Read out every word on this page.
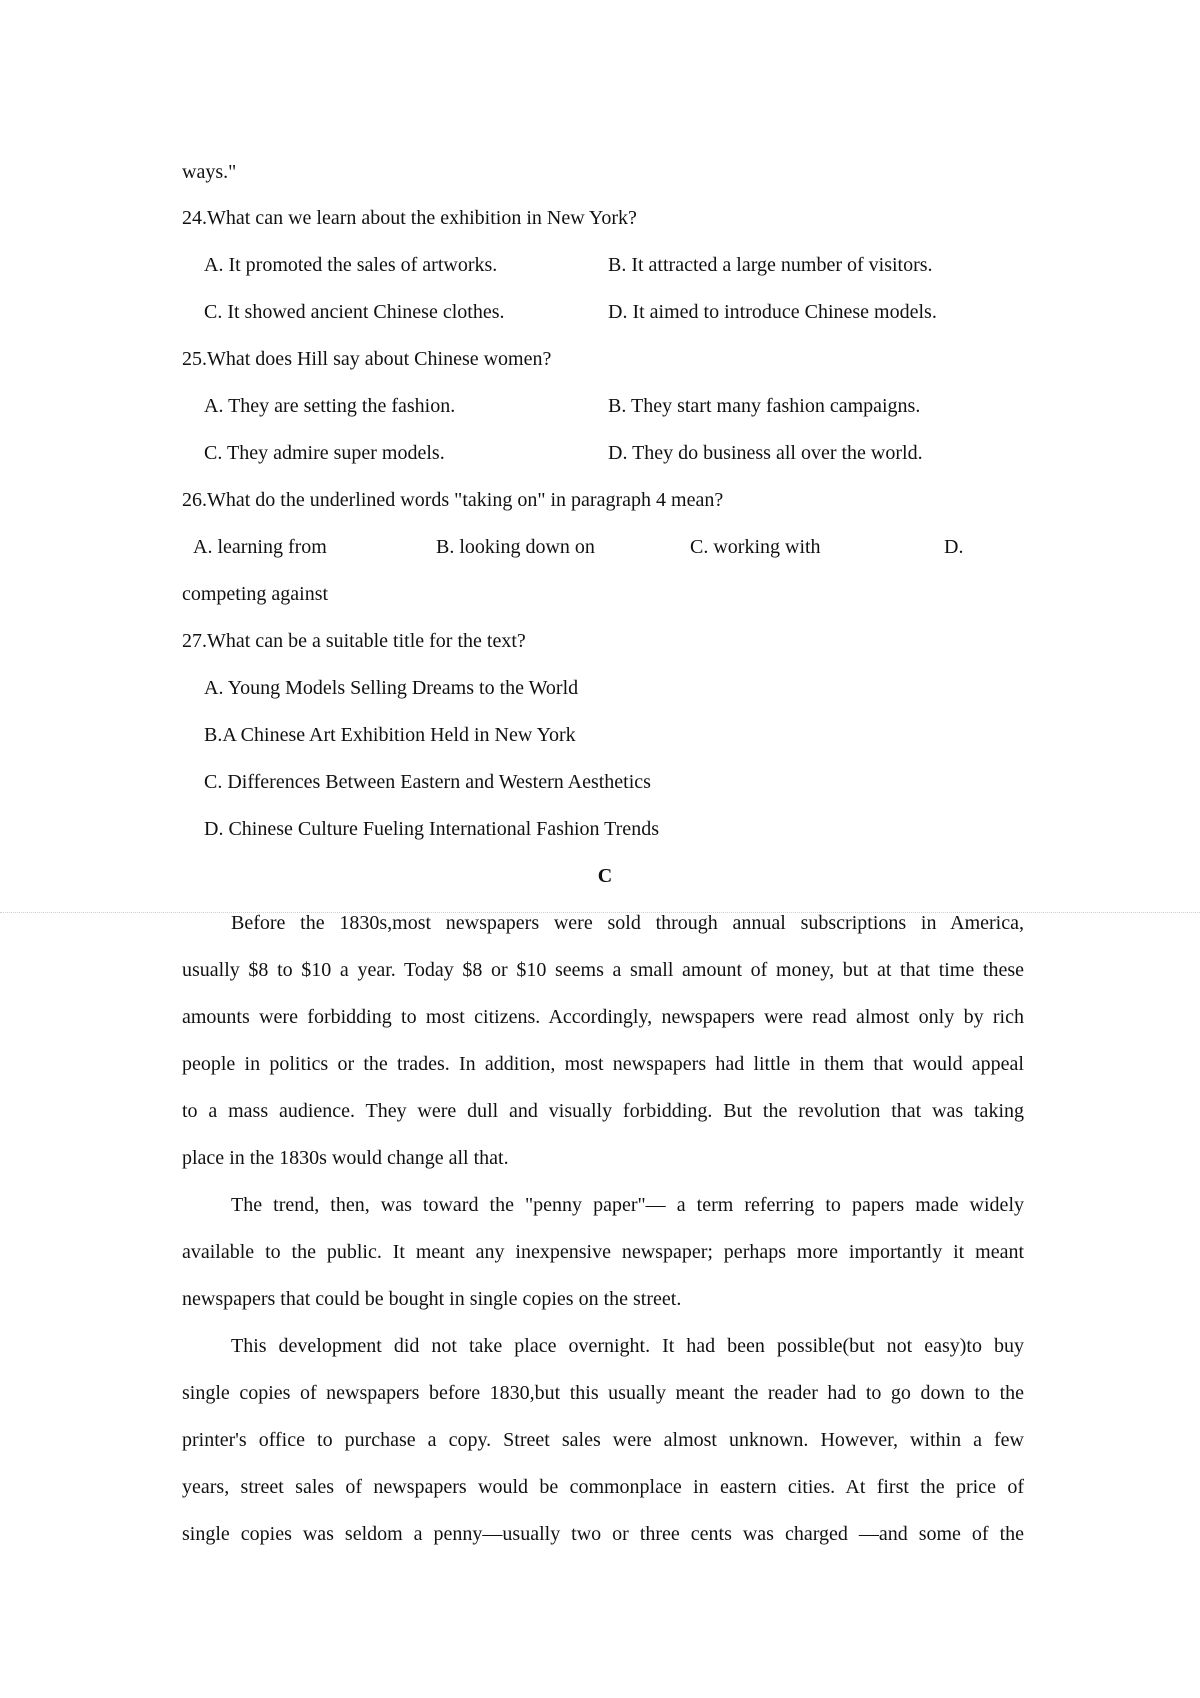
ways."
24.What can we learn about the exhibition in New York?
A. It promoted the sales of artworks.	B. It attracted a large number of visitors.
C. It showed ancient Chinese clothes.	D. It aimed to introduce Chinese models.
25.What does Hill say about Chinese women?
A. They are setting the fashion.	B. They start many fashion campaigns.
C. They admire super models.	D. They do business all over the world.
26.What do the underlined words "taking on" in paragraph 4 mean?
A. learning from	B. looking down on	C. working with	D.
competing against
27.What can be a suitable title for the text?
A. Young Models Selling Dreams to the World
B.A Chinese Art Exhibition Held in New York
C. Differences Between Eastern and Western Aesthetics
D. Chinese Culture Fueling International Fashion Trends
C
Before the 1830s,most newspapers were sold through annual subscriptions in America,
usually $8 to $10 a year. Today $8 or $10 seems a small amount of money, but at that time these
amounts were forbidding to most citizens. Accordingly, newspapers were read almost only by rich
people in politics or the trades. In addition, most newspapers had little in them that would appeal
to a mass audience. They were dull and visually forbidding. But the revolution that was taking
place in the 1830s would change all that.
The trend, then, was toward the "penny paper"— a term referring to papers made widely
available to the public. It meant any inexpensive newspaper; perhaps more importantly it meant
newspapers that could be bought in single copies on the street.
This development did not take place overnight. It had been possible(but not easy)to buy
single copies of newspapers before 1830,but this usually meant the reader had to go down to the
printer's office to purchase a copy. Street sales were almost unknown. However, within a few
years, street sales of newspapers would be commonplace in eastern cities. At first the price of
single copies was seldom a penny—usually two or three cents was charged —and some of the
